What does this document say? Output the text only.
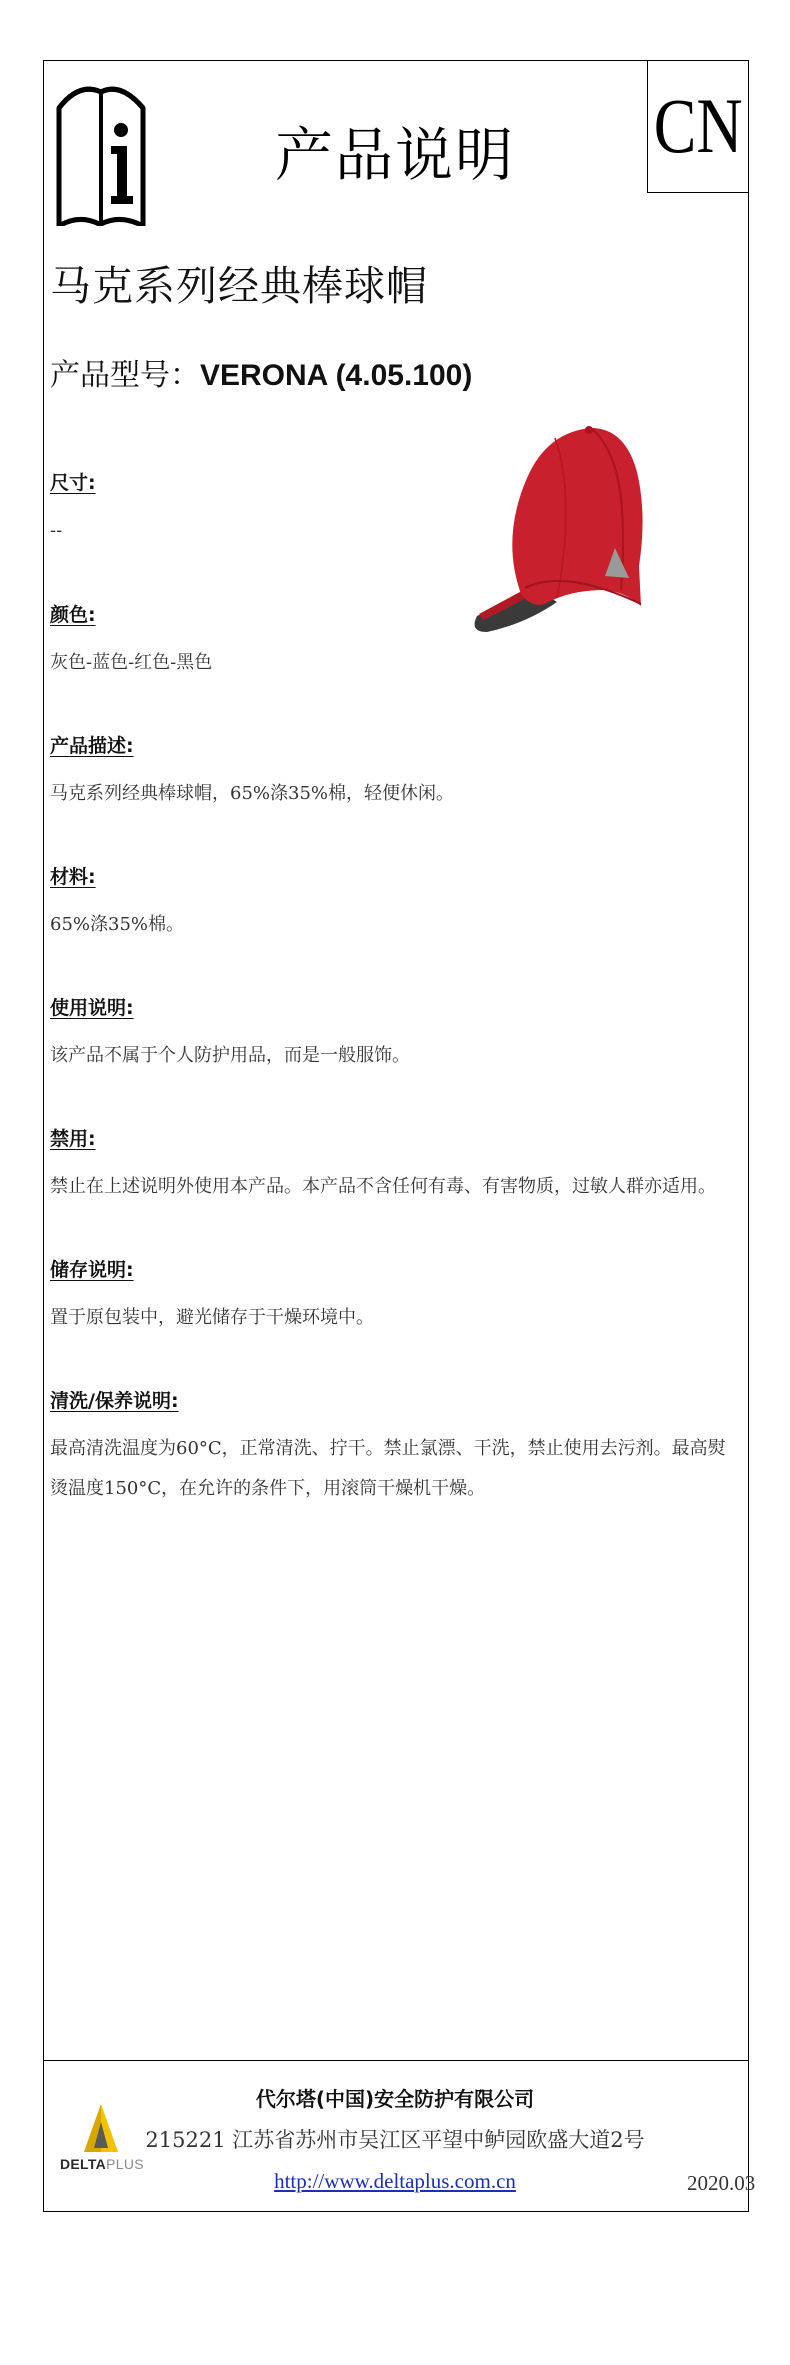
产品说明	CN
马克系列经典棒球帽
产品型号：VERONA (4.05.100)
尺寸:
--
颜色:
灰色-蓝色-红色-黑色
产品描述:
马克系列经典棒球帽，65%涤35%棉，轻便休闲。
材料:
65%涤35%棉。
使用说明:
该产品不属于个人防护用品，而是一般服饰。
禁用:
禁止在上述说明外使用本产品。本产品不含任何有毒、有害物质，过敏人群亦适用。
储存说明:
置于原包装中，避光储存于干燥环境中。
清洗/保养说明:
最高清洗温度为60°C，正常清洗、拧干。禁止氯漂、干洗，禁止使用去污剂。最高熨烫温度150°C，在允许的条件下，用滚筒干燥机干燥。
DELTAPLUS
代尔塔(中国)安全防护有限公司
215221 江苏省苏州市吴江区平望中鲈园欧盛大道2号
http://www.deltaplus.com.cn	2020.03
